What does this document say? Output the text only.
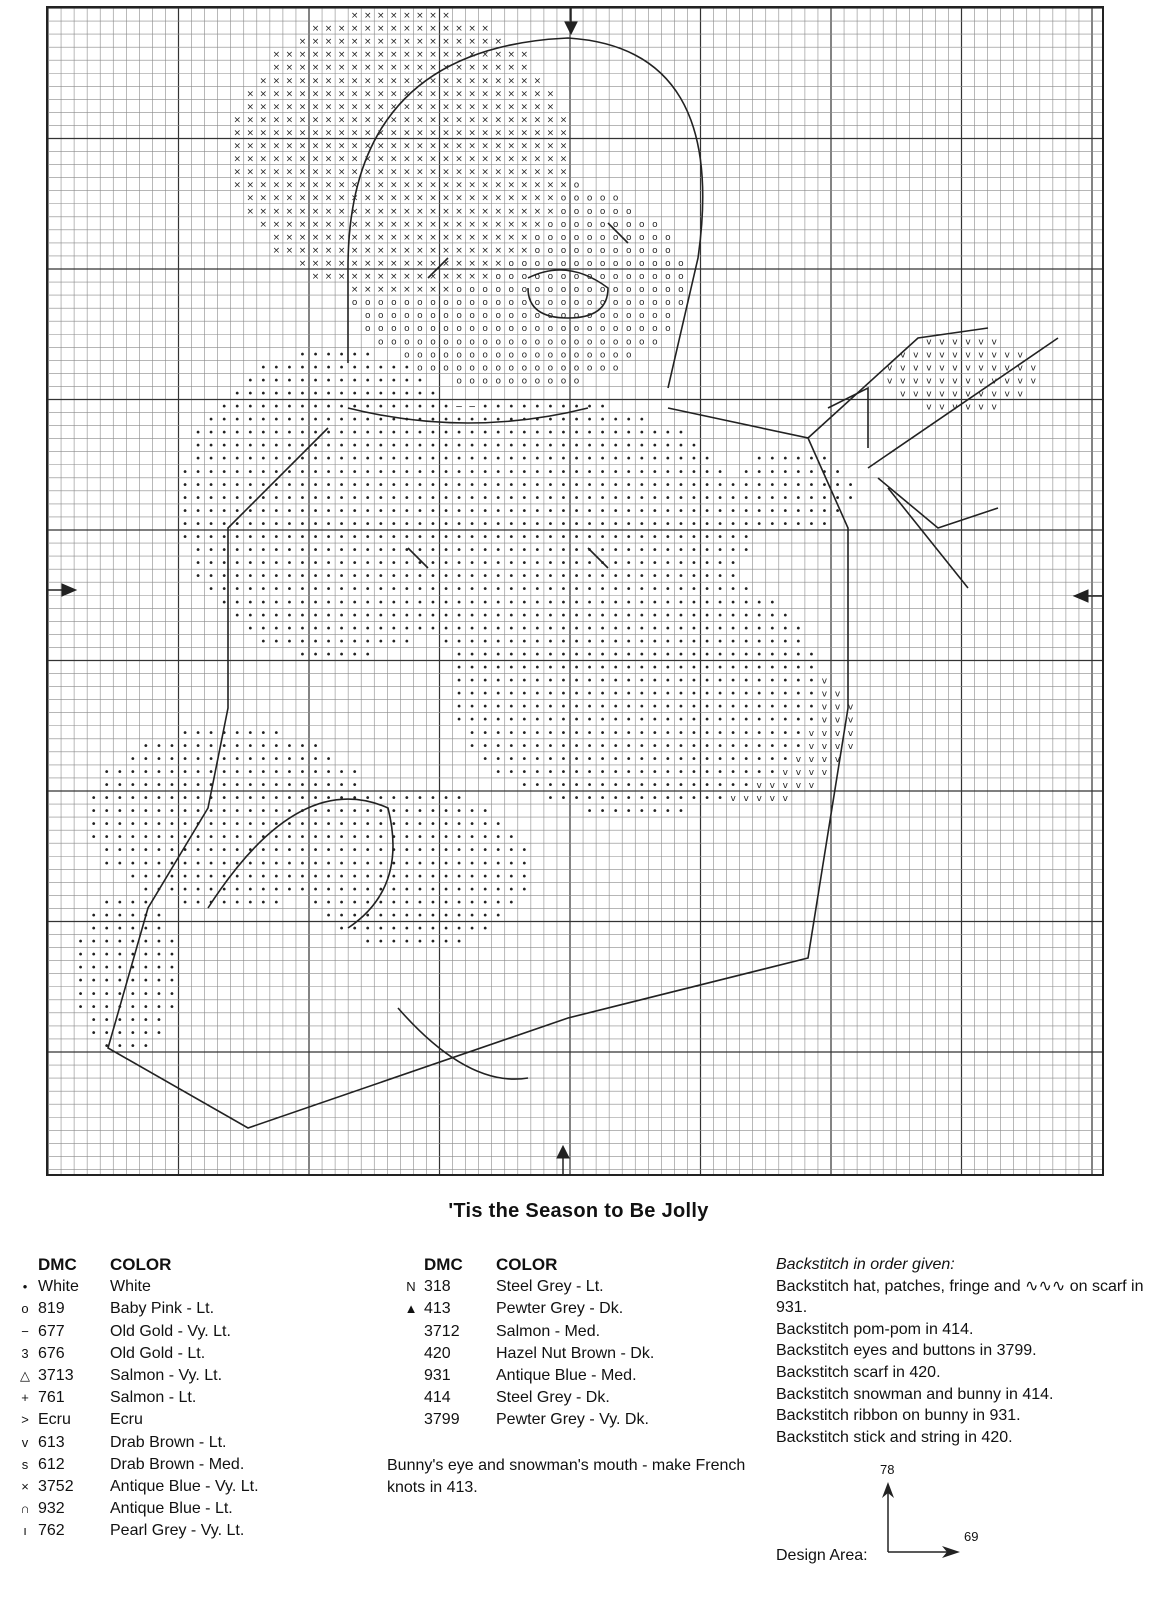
× × × × × × × ×
× × × × × × × × × × × × × ×
× × × × × × × × × × × × × × × ×
× × × × × × × × × × × × × × × × × × × ×
× × × × × × × × × × × × × × × × × × × ×
× × × × × × × × × × × × × × × × × × × × × ×
× × × × × × × × × × × × × × × × × × × × × × × ×
× × × × × × × × × × × × × × × × × × × × × × × ×
× × × × × × × × × × × × × × × × × × × × × × × × × ×
× × × × × × × × × × × × × × × × × × × × × × × × × ×
× × × × × × × × × × × × × × × × × × × × × × × × × ×
× × × × × × × × × × × × × × × × × × × × × × × × × ×
× × × × × × × × × × × × × × × × × × × × × × × × × ×
× × × × × × × × × × × × × × × × × × × × × × × × × ×
× × × × × × × × × × × × × × × × × × × × × × × ×
× × × × × × × × × × × × × × × × × × × × × × × ×
× × × × × × × × × × × × × × × × × × × × × ×
× × × × × × × × × × × × × × × × × × × ×
× × × × × × × × × × × × × × × × × × × ×
× × × × × × × × × × × × × × × ×
× × × × × × × × × × × × × ×
× × × × × × × ×
o
o o o o o
o o o o o o
o o o o o o o o o
o o o o o o o o o o o
o o o o o o o o o o o
o o o o o o o o o o o o o o
o o o o o o o o o o o o o o o
o o o o o o o o o o o o o o o o o o
o o o o o o o o o o o o o o o o o o o o o o o o o o
o o o o o o o o o o o o o o o o o o o o o o o o
o o o o o o o o o o o o o o o o o o o o o o o o
o o o o o o o o o o o o o o o o o o o o o o
o o o o o o o o o o o o o o o o o o
o o o o o o o o o o o o o o o o
o o o o o o o o o o
• • • • • •
• • • • • • • • • • • •
• • • • • • • • • • • • • •
• • • • • • • • • • • • • • • •
• • • • • • • • • • • • • • • • • •
• • • • • • • • • • • • • • • • • • • •
• • • • • • • • • • • • • • • • • • • • • •
• • • • • • • • • • • • • • • • • • • • • •
• • • • • • • • • • • • • • • • • • • • • •
• • • • • • • • • • • • • • • • • • • • • • • •
• • • • • • • • • • • • • • • • • • • • • • • •
• • • • • • • • • • • • • • • • • • • • • • • •
• • • • • • • • • • • • • • • • • • • • • • • •
• • • • • • • • • • • • • • • • • • • • • • • •
• • • • • • • • • • • • • • • • • • • • • • • •
• • • • • • • • • • • • • • • • • • • • • •
• • • • • • • • • • • • • • • • • • • • • •
• • • • • • • • • • • • • • • • • • • • • •
• • • • • • • • • • • • • • • • • • • •
• • • • • • • • • • • • • • • • • •
• • • • • • • • • • • • • • • •
• • • • • • • • • • • • • •
• • • • • • • • • • • •
• • • • • •
• • • • • • • • • •
• • • • • • • • • • • • • •
• • • • • • • • • • • • • • • •
• • • • • • • • • • • • • • • • •
• • • • • • • • • • • • • • • • • •
• • • • • • • • • • • • • • • • • •
• • • • • • • • • • • • • • • • • • •
• • • • • • • • • • • • • • • • • • •
• • • • • • • • • • • • • • • • • • • •
• • • • • • • • • • • • • • • • • • • •
• • • • • • • • • • • • • • • • • • • •
• • • • • • • • • • • • • • • • • • • • •
• • • • • • • • • • • • • • • • • • • •
• • • • • • • • • • • • • • • • • • • •
• • • • • • • • • • • • • • • • • • • •
• • • • • • • • • • • • • • • • • • • •
• • • • • • • • • • • • • • • • • • • •
• • • • • • • • • • • • • • • • • • • •
• • • • • • • • • • • • • • • •
• • • • • • • • • •
• •
• • • • •
• • • • • • •
• • • • • • • • •
• • • • • • • • • • • •
• •	• • • • • • • • • • • • • • • •
• • • • • • • • • • • • • • • • • • • • • • • • • • • •
• • • • • • • • • • • • • • • • • • • • • • • • • • • •
• • • • • • • • • • • • • • • • • • • • • • • • • • • •
• • • • • • • • • • • • • • • • • • • • • • • • • • • •
• • • • • • • • • • • • • • • • • • • • • • • • • • • •
• • • • • • • • • • • • • • • • • • • • • • • • • •
• • • • • • • • • • • • • • • • • • • • • • • • • •
• • • • • • • • • • • • • • • • • • • • • • • •
• • • • • • • • • • • • • • • • • • • • • •
• • • • • • • • • • • • • • • • • •
• • • • • • • • • • • • • •
• • • • • • • •
v
v v
v v v
v v v
v v v v
v v v v
v v v v
v v v v
v v v v v
v v v v v
• • • • • •
• • • • • • • •
• • • • • • • • •
• • • • • • • • •
• • • • • • •
• • • • • •
• • • • • • • •
• • • • • • • • • • • • • •
• • • • • • • • • • • • • • • •
• • • • • • • • • • • • • • • • • • • •
• • • • • • • • • • • • • • • • • • • •
• • • • • • • • • • • • • • • • • • • • • •
• • • • • • • • • • • • • • • • • • • • • •
• • • • • • • • • • • • • • • • • • • • • •
• • • • • • • • • • • • • • • • • • • • • •
• • • • • • • • • • • • • • • • • • • •
• • • • • • • • • • • • • • • • • • • •
• • • • • • • • • • • • • • • •
• • • • • • • • • • • • • •
• • • • • • • •
• • • •
• • • • • •
• • • • • •
• • • • • • • •
• • • • • • • •
• • • • • • • •
• • • • • • • •
• • • • • • • •
• • • • • • • •
• • • • • •
• • • • • •
• • • •
• • • • • • •
• • • • • • • • •
• • • • • • • • • •
• • • • • • • • • • •
• • • • • • • • • • • • •
• • • • • • • • • • • • •
• • • • • • • • • • • • • • •
• • • • • • • • • • • • • • • •
• • • • • • • • • • • • • • • •
• • • • • • • • • • • • • •
• • • • • • • • • • • •
• • • • • • • •
v v v v v v
v v v v v v v v v v
v v v v v v v v v v v v
v v v v v v v v v v v v
v v v v v v v v v v
v v v v v v
− −
'Tis the Season to Be Jolly
DMC	COLOR
• White	White
o 819	Baby Pink - Lt.
− 677	Old Gold - Vy. Lt.
3 676	Old Gold - Lt.
△ 3713	Salmon - Vy. Lt.
+ 761	Salmon - Lt.
> Ecru	Ecru
v 613	Drab Brown - Lt.
s 612	Drab Brown - Med.
× 3752	Antique Blue - Vy. Lt.
∩ 932	Antique Blue - Lt.
ı 762	Pearl Grey - Vy. Lt.
DMC	COLOR
N 318	Steel Grey - Lt.
▲ 413	Pewter Grey - Dk.
3712	Salmon - Med.
420	Hazel Nut Brown - Dk.
931	Antique Blue - Med.
414	Steel Grey - Dk.
3799	Pewter Grey - Vy. Dk.
Bunny's eye and snowman's mouth - make French knots in 413.
Backstitch in order given:
Backstitch hat, patches, fringe and ∿∿∿ on scarf in 931.
Backstitch pom-pom in 414.
Backstitch eyes and buttons in 3799.
Backstitch scarf in 420.
Backstitch snowman and bunny in 414.
Backstitch ribbon on bunny in 931.
Backstitch stick and string in 420.
78
69
Design Area:
